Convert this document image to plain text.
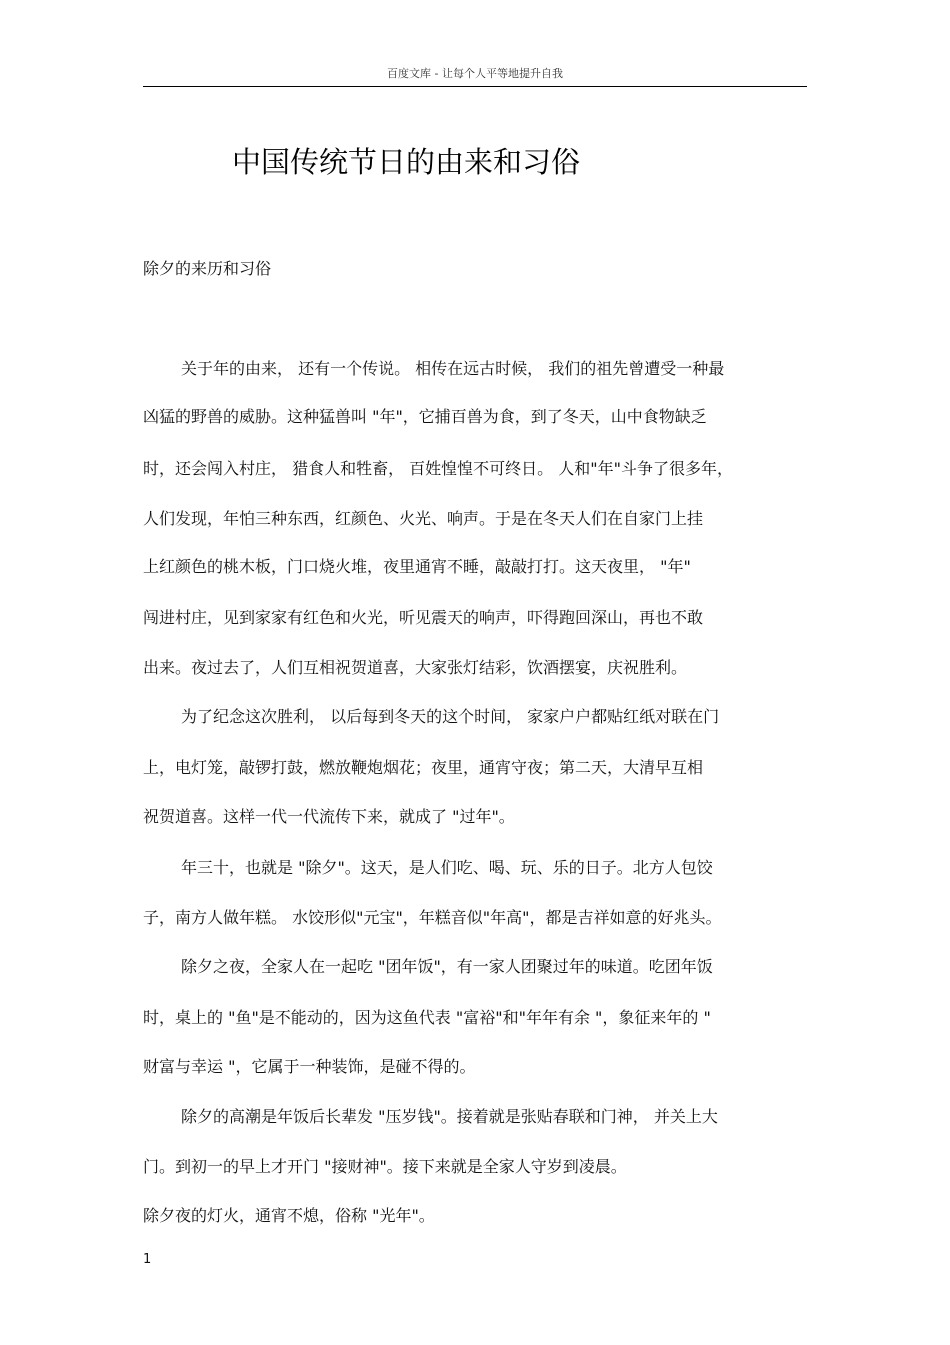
百度文库 - 让每个人平等地提升自我
中国传统节日的由来和习俗
除夕的来历和习俗
关于年的由来， 还有一个传说。 相传在远古时候， 我们的祖先曾遭受一种最
凶猛的野兽的威胁。这种猛兽叫 "年"，它捕百兽为食，到了冬天，山中食物缺乏
时，还会闯入村庄， 猎食人和牲畜， 百姓惶惶不可终日。 人和"年"斗争了很多年，
人们发现，年怕三种东西，红颜色、火光、响声。于是在冬天人们在自家门上挂
上红颜色的桃木板，门口烧火堆，夜里通宵不睡，敲敲打打。这天夜里， "年"
闯进村庄，见到家家有红色和火光，听见震天的响声，吓得跑回深山，再也不敢
出来。夜过去了，人们互相祝贺道喜，大家张灯结彩，饮酒摆宴，庆祝胜利。
为了纪念这次胜利， 以后每到冬天的这个时间， 家家户户都贴红纸对联在门
上，电灯笼，敲锣打鼓，燃放鞭炮烟花；夜里，通宵守夜；第二天，大清早互相
祝贺道喜。这样一代一代流传下来，就成了 "过年"。
年三十，也就是 "除夕"。这天，是人们吃、喝、玩、乐的日子。北方人包饺
子，南方人做年糕。 水饺形似"元宝"，年糕音似"年高"，都是吉祥如意的好兆头。
除夕之夜，全家人在一起吃 "团年饭"，有一家人团聚过年的味道。吃团年饭
时，桌上的 "鱼"是不能动的，因为这鱼代表 "富裕"和"年年有余 "，象征来年的 "
财富与幸运 "，它属于一种装饰，是碰不得的。
除夕的高潮是年饭后长辈发 "压岁钱"。接着就是张贴春联和门神， 并关上大
门。到初一的早上才开门 "接财神"。接下来就是全家人守岁到凌晨。
除夕夜的灯火，通宵不熄，俗称 "光年"。
1
